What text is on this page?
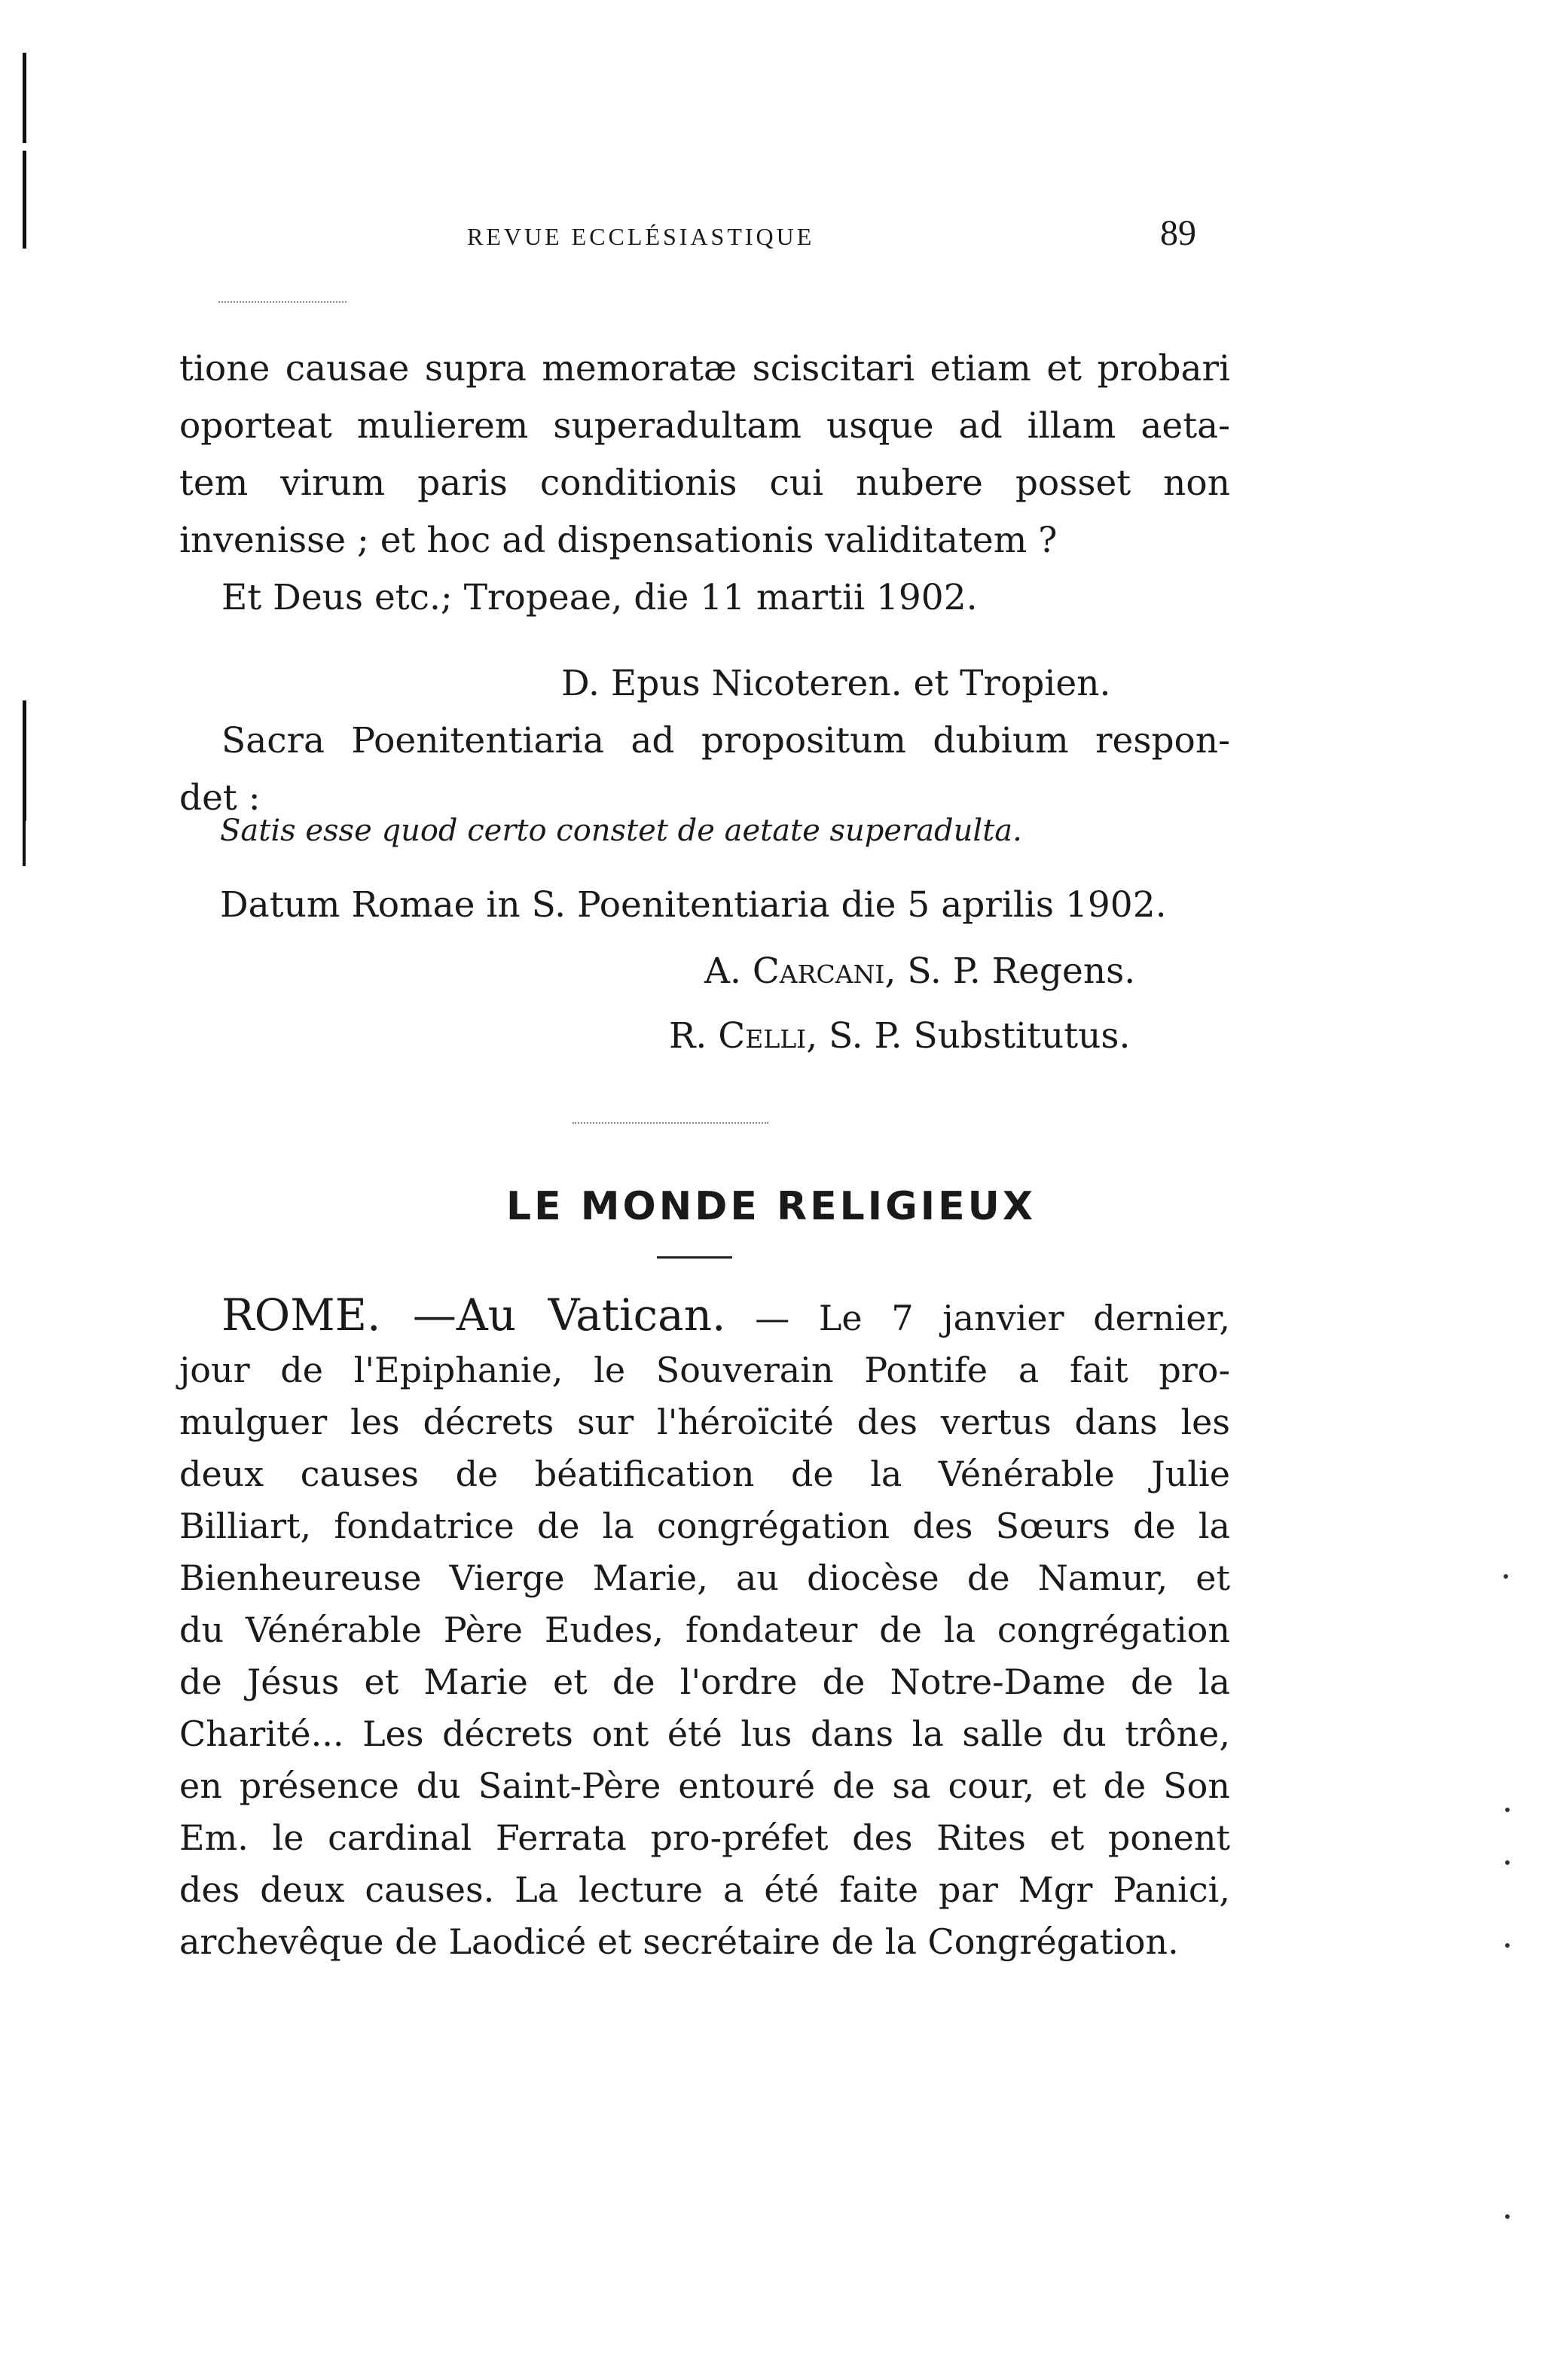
REVUE ECCLÉSIASTIQUE	89

tione causae supra memoratæ sciscitari etiam et probari

oporteat mulierem superadultam usque ad illam aeta-

tem virum paris conditionis cui nubere posset non

invenisse ; et hoc ad dispensationis validitatem ?

Et Deus etc.; Tropeae, die 11 martii 1902.

D. Epus Nicoteren. et Tropien.

Sacra Poenitentiaria ad propositum dubium respon-

det :

Satis esse quod certo constet de aetate superadulta.
Datum Romae in S. Poenitentiaria die 5 aprilis 1902.
A. Carcani, S. P. Regens.
R. Celli, S. P. Substitutus.
LE MONDE RELIGIEUX

ROME. —Au Vatican. — Le 7 janvier dernier,

jour de l'Epiphanie, le Souverain Pontife a fait pro-

mulguer les décrets sur l'héroïcité des vertus dans les

deux causes de béatification de la Vénérable Julie

Billiart, fondatrice de la congrégation des Sœurs de la

Bienheureuse Vierge Marie, au diocèse de Namur, et

du Vénérable Père Eudes, fondateur de la congrégation

de Jésus et Marie et de l'ordre de Notre-Dame de la

Charité... Les décrets ont été lus dans la salle du trône,

en présence du Saint-Père entouré de sa cour, et de Son

Em. le cardinal Ferrata pro-préfet des Rites et ponent

des deux causes. La lecture a été faite par Mgr Panici,

archevêque de Laodicé et secrétaire de la Congrégation.
